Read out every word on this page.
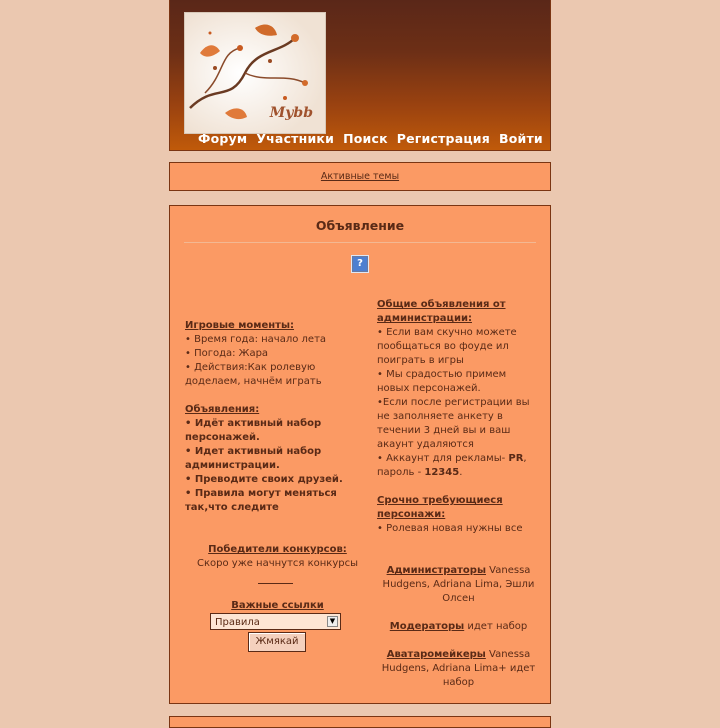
Mybb
Форум Участники Поиск Регистрация Войти
Активные темы
Объявление
?

Игровые моменты:

• Время года: начало лета

• Погода: Жара

• Действия:Как ролевую доделаем, начнём играть

Объявления:

• Идёт активный набор персонажей.

• Идет активный набор администрации.

• Преводите своих друзей.

• Правила могут меняться так,что следите

Победители конкурсов:
Скоро уже начнутся конкурсы
Важные ссылки
Правила	▼
Жмякай

Общие объявления от администрации:

• Если вам скучно можете пообщаться во фоуде ил поиграть в игры

• Мы срадостью примем новых персонажей.

•Если после регистрации вы не заполняете анкету в течении 3 дней вы и ваш акаунт удаляются

• Аккаунт для рекламы- PR, пароль - 12345.

Срочно требующиеся персонажи:

• Ролевая новая нужны все

Администраторы Vanessa Hudgens, Adriana Lima, Эшли Олсен
Модераторы идет набор
Аватаромейкеры Vanessa Hudgens, Adriana Lima+ идет набор
